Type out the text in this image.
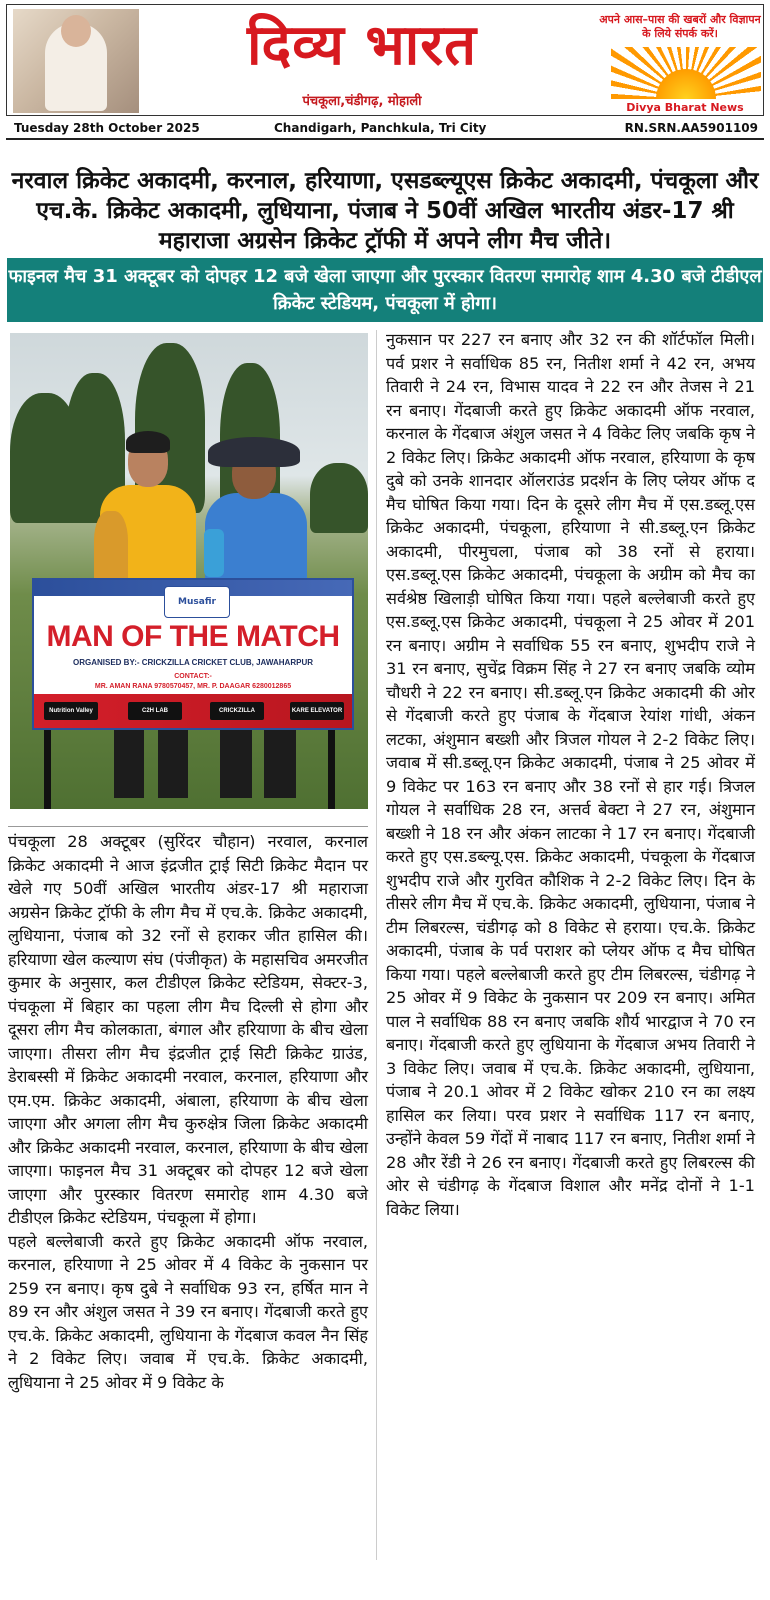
दिव्य भारत
पंचकूला,चंडीगढ़, मोहाली
अपने आस–पास की खबरों और विज्ञापन के लिये संपर्क करें।
Divya Bharat News
Tuesday 28th October 2025	Chandigarh, Panchkula, Tri City	RN.SRN.AA5901109
नरवाल क्रिकेट अकादमी, करनाल, हरियाणा, एसडब्ल्यूएस क्रिकेट अकादमी, पंचकूला और एच.के. क्रिकेट अकादमी, लुधियाना, पंजाब ने 50वीं अखिल भारतीय अंडर-17 श्री महाराजा अग्रसेन क्रिकेट ट्रॉफी में अपने लीग मैच जीते।
फाइनल मैच 31 अक्टूबर को दोपहर 12 बजे खेला जाएगा और पुरस्कार वितरण समारोह शाम 4.30 बजे टीडीएल क्रिकेट स्टेडियम, पंचकूला में होगा।
Musafir
MAN OF THE MATCH
ORGANISED BY:- CRICKZILLA CRICKET CLUB, JAWAHARPUR
CONTACT:-
MR. AMAN RANA 9780570457, MR. P. DAAGAR 6280012865
Nutrition Valley	C2H LAB	CRICKZILLA	KARE ELEVATOR

पंचकूला 28 अक्टूबर (सुरिंदर चौहान) नरवाल, करनाल क्रिकेट अकादमी ने आज इंद्रजीत ट्राई सिटी क्रिकेट मैदान पर खेले गए 50वीं अखिल भारतीय अंडर-17 श्री महाराजा अग्रसेन क्रिकेट ट्रॉफी के लीग मैच में एच.के. क्रिकेट अकादमी, लुधियाना, पंजाब को 32 रनों से हराकर जीत हासिल की। हरियाणा खेल कल्याण संघ (पंजीकृत) के महासचिव अमरजीत कुमार के अनुसार, कल टीडीएल क्रिकेट स्टेडियम, सेक्टर-3, पंचकूला में बिहार का पहला लीग मैच दिल्ली से होगा और दूसरा लीग मैच कोलकाता, बंगाल और हरियाणा के बीच खेला जाएगा। तीसरा लीग मैच इंद्रजीत ट्राई सिटी क्रिकेट ग्राउंड, डेराबस्सी में क्रिकेट अकादमी नरवाल, करनाल, हरियाणा और एम.एम. क्रिकेट अकादमी, अंबाला, हरियाणा के बीच खेला जाएगा और अगला लीग मैच कुरुक्षेत्र जिला क्रिकेट अकादमी और क्रिकेट अकादमी नरवाल, करनाल, हरियाणा के बीच खेला जाएगा। फाइनल मैच 31 अक्टूबर को दोपहर 12 बजे खेला जाएगा और पुरस्कार वितरण समारोह शाम 4.30 बजे टीडीएल क्रिकेट स्टेडियम, पंचकूला में होगा।

पहले बल्लेबाजी करते हुए क्रिकेट अकादमी ऑफ नरवाल, करनाल, हरियाणा ने 25 ओवर में 4 विकेट के नुकसान पर 259 रन बनाए। कृष दुबे ने सर्वाधिक 93 रन, हर्षित मान ने 89 रन और अंशुल जसत ने 39 रन बनाए। गेंदबाजी करते हुए एच.के. क्रिकेट अकादमी, लुधियाना के गेंदबाज कवल नैन सिंह ने 2 विकेट लिए। जवाब में एच.के. क्रिकेट अकादमी, लुधियाना ने 25 ओवर में 9 विकेट के

नुकसान पर 227 रन बनाए और 32 रन की शॉर्टफॉल मिली। पर्व प्रशर ने सर्वाधिक 85 रन, नितीश शर्मा ने 42 रन, अभय तिवारी ने 24 रन, विभास यादव ने 22 रन और तेजस ने 21 रन बनाए। गेंदबाजी करते हुए क्रिकेट अकादमी ऑफ नरवाल, करनाल के गेंदबाज अंशुल जसत ने 4 विकेट लिए जबकि कृष ने 2 विकेट लिए। क्रिकेट अकादमी ऑफ नरवाल, हरियाणा के कृष दुबे को उनके शानदार ऑलराउंड प्रदर्शन के लिए प्लेयर ऑफ द मैच घोषित किया गया। दिन के दूसरे लीग मैच में एस.डब्लू.एस क्रिकेट अकादमी, पंचकूला, हरियाणा ने सी.डब्लू.एन क्रिकेट अकादमी, पीरमुचला, पंजाब को 38 रनों से हराया। एस.डब्लू.एस क्रिकेट अकादमी, पंचकूला के अग्रीम को मैच का सर्वश्रेष्ठ खिलाड़ी घोषित किया गया। पहले बल्लेबाजी करते हुए एस.डब्लू.एस क्रिकेट अकादमी, पंचकूला ने 25 ओवर में 201 रन बनाए। अग्रीम ने सर्वाधिक 55 रन बनाए, शुभदीप राजे ने 31 रन बनाए, सुचेंद्र विक्रम सिंह ने 27 रन बनाए जबकि व्योम चौधरी ने 22 रन बनाए। सी.डब्लू.एन क्रिकेट अकादमी की ओर से गेंदबाजी करते हुए पंजाब के गेंदबाज रेयांश गांधी, अंकन लटका, अंशुमान बख्शी और त्रिजल गोयल ने 2-2 विकेट लिए। जवाब में सी.डब्लू.एन क्रिकेट अकादमी, पंजाब ने 25 ओवर में 9 विकेट पर 163 रन बनाए और 38 रनों से हार गई। त्रिजल गोयल ने सर्वाधिक 28 रन, अत्तर्व बेक्टा ने 27 रन, अंशुमान बख्शी ने 18 रन और अंकन लाटका ने 17 रन बनाए। गेंदबाजी करते हुए एस.डब्ल्यू.एस. क्रिकेट अकादमी, पंचकूला के गेंदबाज शुभदीप राजे और गुरवित कौशिक ने 2-2 विकेट लिए। दिन के तीसरे लीग मैच में एच.के. क्रिकेट अकादमी, लुधियाना, पंजाब ने टीम लिबरल्स, चंडीगढ़ को 8 विकेट से हराया। एच.के. क्रिकेट अकादमी, पंजाब के पर्व पराशर को प्लेयर ऑफ द मैच घोषित किया गया। पहले बल्लेबाजी करते हुए टीम लिबरल्स, चंडीगढ़ ने 25 ओवर में 9 विकेट के नुकसान पर 209 रन बनाए। अमित पाल ने सर्वाधिक 88 रन बनाए जबकि शौर्य भारद्वाज ने 70 रन बनाए। गेंदबाजी करते हुए लुधियाना के गेंदबाज अभय तिवारी ने 3 विकेट लिए। जवाब में एच.के. क्रिकेट अकादमी, लुधियाना, पंजाब ने 20.1 ओवर में 2 विकेट खोकर 210 रन का लक्ष्य हासिल कर लिया। परव प्रशर ने सर्वाधिक 117 रन बनाए, उन्होंने केवल 59 गेंदों में नाबाद 117 रन बनाए, नितीश शर्मा ने 28 और रेंडी ने 26 रन बनाए। गेंदबाजी करते हुए लिबरल्स की ओर से चंडीगढ़ के गेंदबाज विशाल और मनेंद्र दोनों ने 1-1 विकेट लिया।
